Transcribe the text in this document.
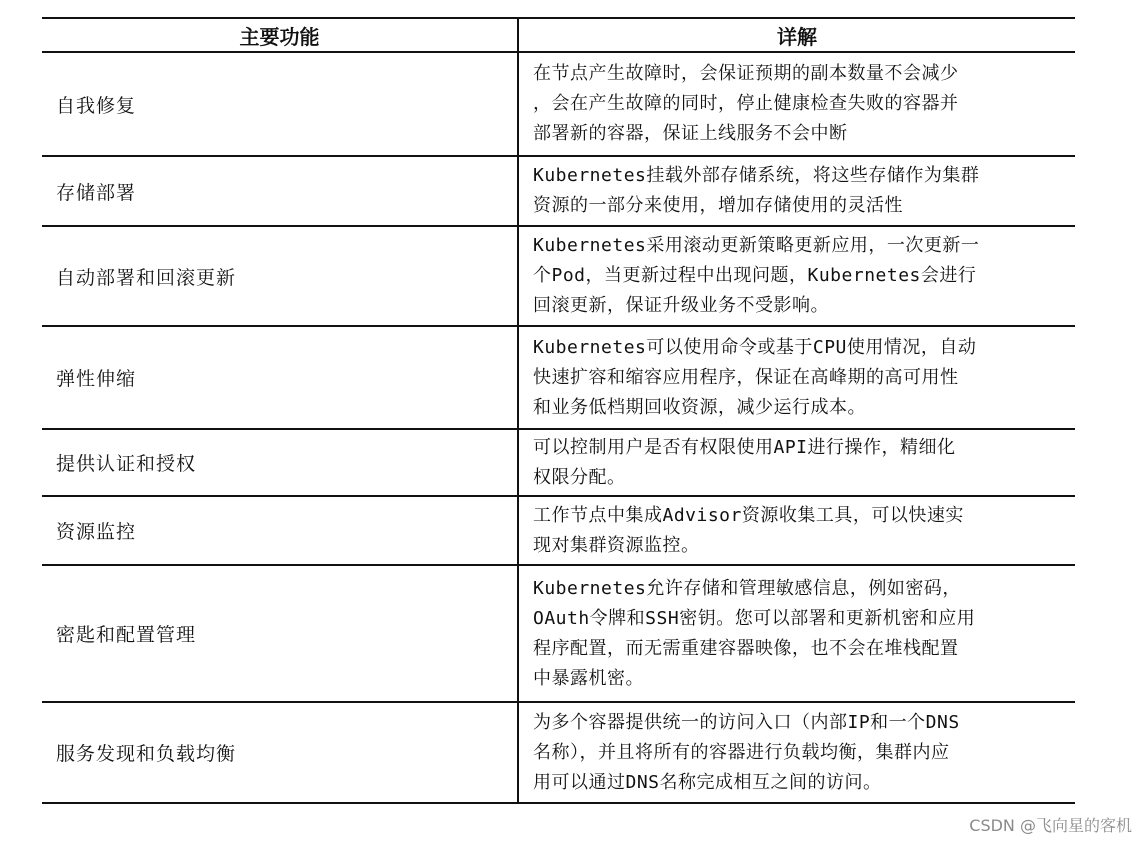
主要功能	详解
自我修复	在节点产生故障时，会保证预期的副本数量不会减少
，会在产生故障的同时，停止健康检查失败的容器并
部署新的容器，保证上线服务不会中断
存储部署	Kubernetes挂载外部存储系统，将这些存储作为集群
资源的一部分来使用，增加存储使用的灵活性
自动部署和回滚更新	Kubernetes采用滚动更新策略更新应用，一次更新一
个Pod，当更新过程中出现问题，Kubernetes会进行
回滚更新，保证升级业务不受影响。
弹性伸缩	Kubernetes可以使用命令或基于CPU使用情况，自动
快速扩容和缩容应用程序，保证在高峰期的高可用性
和业务低档期回收资源，减少运行成本。
提供认证和授权	可以控制用户是否有权限使用API进行操作，精细化
权限分配。
资源监控	工作节点中集成Advisor资源收集工具，可以快速实
现对集群资源监控。
密匙和配置管理	Kubernetes允许存储和管理敏感信息，例如密码，
OAuth令牌和SSH密钥。您可以部署和更新机密和应用
程序配置，而无需重建容器映像，也不会在堆栈配置
中暴露机密。
服务发现和负载均衡	为多个容器提供统一的访问入口（内部IP和一个DNS
名称），并且将所有的容器进行负载均衡，集群内应
用可以通过DNS名称完成相互之间的访问。
CSDN @飞向星的客机
